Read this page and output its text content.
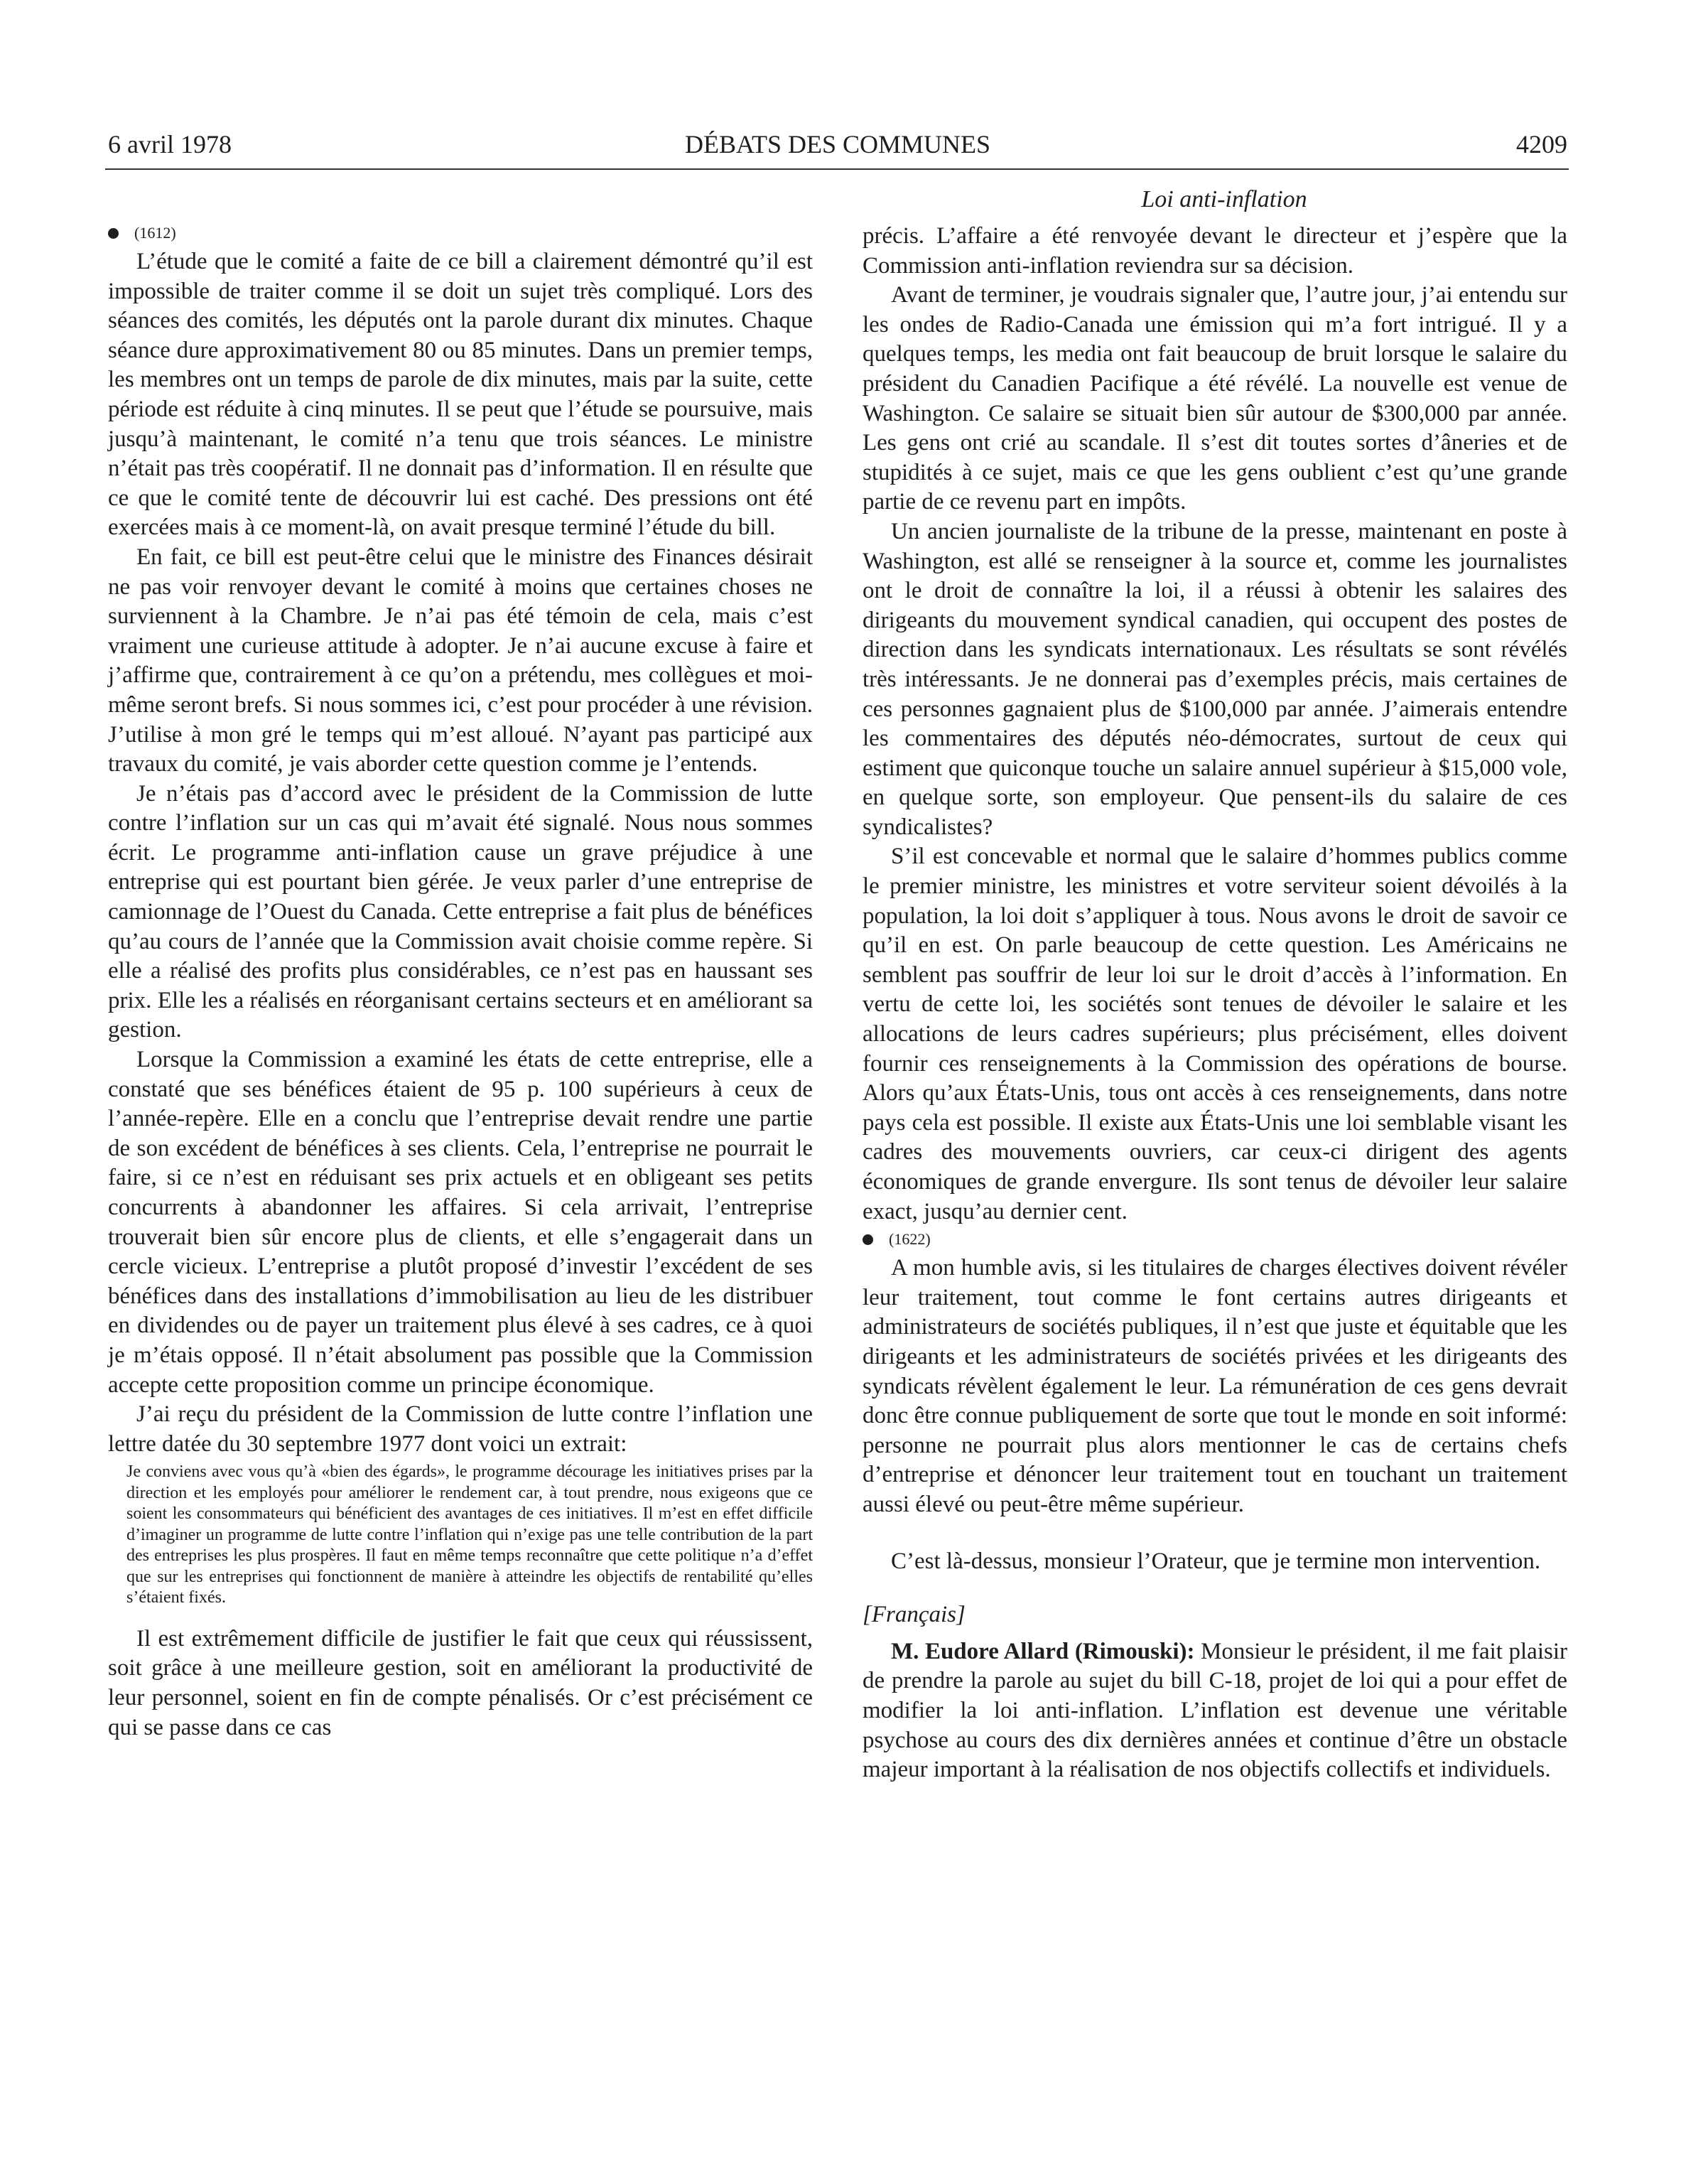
6 avril 1978	DÉBATS DES COMMUNES	4209
Loi anti-inflation
(1612)

L’étude que le comité a faite de ce bill a clairement démontré qu’il est impossible de traiter comme il se doit un sujet très compliqué. Lors des séances des comités, les députés ont la parole durant dix minutes. Chaque séance dure approximativement 80 ou 85 minutes. Dans un premier temps, les membres ont un temps de parole de dix minutes, mais par la suite, cette période est réduite à cinq minutes. Il se peut que l’étude se poursuive, mais jusqu’à maintenant, le comité n’a tenu que trois séances. Le ministre n’était pas très coopératif. Il ne donnait pas d’information. Il en résulte que ce que le comité tente de découvrir lui est caché. Des pressions ont été exercées mais à ce moment-là, on avait presque terminé l’étude du bill.

En fait, ce bill est peut-être celui que le ministre des Finances désirait ne pas voir renvoyer devant le comité à moins que certaines choses ne surviennent à la Chambre. Je n’ai pas été témoin de cela, mais c’est vraiment une curieuse attitude à adopter. Je n’ai aucune excuse à faire et j’affirme que, contrairement à ce qu’on a prétendu, mes collègues et moi-même seront brefs. Si nous sommes ici, c’est pour procéder à une révision. J’utilise à mon gré le temps qui m’est alloué. N’ayant pas participé aux travaux du comité, je vais aborder cette question comme je l’entends.

Je n’étais pas d’accord avec le président de la Commission de lutte contre l’inflation sur un cas qui m’avait été signalé. Nous nous sommes écrit. Le programme anti-inflation cause un grave préjudice à une entreprise qui est pourtant bien gérée. Je veux parler d’une entreprise de camionnage de l’Ouest du Canada. Cette entreprise a fait plus de bénéfices qu’au cours de l’année que la Commission avait choisie comme repère. Si elle a réalisé des profits plus considérables, ce n’est pas en haussant ses prix. Elle les a réalisés en réorganisant certains secteurs et en améliorant sa gestion.

Lorsque la Commission a examiné les états de cette entreprise, elle a constaté que ses bénéfices étaient de 95 p. 100 supérieurs à ceux de l’année-repère. Elle en a conclu que l’entreprise devait rendre une partie de son excédent de bénéfices à ses clients. Cela, l’entreprise ne pourrait le faire, si ce n’est en réduisant ses prix actuels et en obligeant ses petits concurrents à abandonner les affaires. Si cela arrivait, l’entreprise trouverait bien sûr encore plus de clients, et elle s’engagerait dans un cercle vicieux. L’entreprise a plutôt proposé d’investir l’excédent de ses bénéfices dans des installations d’immobilisation au lieu de les distribuer en dividendes ou de payer un traitement plus élevé à ses cadres, ce à quoi je m’étais opposé. Il n’était absolument pas possible que la Commission accepte cette proposition comme un principe économique.

J’ai reçu du président de la Commission de lutte contre l’inflation une lettre datée du 30 septembre 1977 dont voici un extrait:

Je conviens avec vous qu’à «bien des égards», le programme décourage les initiatives prises par la direction et les employés pour améliorer le rendement car, à tout prendre, nous exigeons que ce soient les consommateurs qui bénéficient des avantages de ces initiatives. Il m’est en effet difficile d’imaginer un programme de lutte contre l’inflation qui n’exige pas une telle contribution de la part des entreprises les plus prospères. Il faut en même temps reconnaître que cette politique n’a d’effet que sur les entreprises qui fonctionnent de manière à atteindre les objectifs de rentabilité qu’elles s’étaient fixés.

Il est extrêmement difficile de justifier le fait que ceux qui réussissent, soit grâce à une meilleure gestion, soit en améliorant la productivité de leur personnel, soient en fin de compte pénalisés. Or c’est précisément ce qui se passe dans ce cas

précis. L’affaire a été renvoyée devant le directeur et j’espère que la Commission anti-inflation reviendra sur sa décision.

Avant de terminer, je voudrais signaler que, l’autre jour, j’ai entendu sur les ondes de Radio-Canada une émission qui m’a fort intrigué. Il y a quelques temps, les media ont fait beaucoup de bruit lorsque le salaire du président du Canadien Pacifique a été révélé. La nouvelle est venue de Washington. Ce salaire se situait bien sûr autour de $300,000 par année. Les gens ont crié au scandale. Il s’est dit toutes sortes d’âneries et de stupidités à ce sujet, mais ce que les gens oublient c’est qu’une grande partie de ce revenu part en impôts.

Un ancien journaliste de la tribune de la presse, maintenant en poste à Washington, est allé se renseigner à la source et, comme les journalistes ont le droit de connaître la loi, il a réussi à obtenir les salaires des dirigeants du mouvement syndical canadien, qui occupent des postes de direction dans les syndicats internationaux. Les résultats se sont révélés très intéressants. Je ne donnerai pas d’exemples précis, mais certaines de ces personnes gagnaient plus de $100,000 par année. J’aimerais entendre les commentaires des députés néo-démocrates, surtout de ceux qui estiment que quiconque touche un salaire annuel supérieur à $15,000 vole, en quelque sorte, son employeur. Que pensent-ils du salaire de ces syndicalistes?

S’il est concevable et normal que le salaire d’hommes publics comme le premier ministre, les ministres et votre serviteur soient dévoilés à la population, la loi doit s’appliquer à tous. Nous avons le droit de savoir ce qu’il en est. On parle beaucoup de cette question. Les Américains ne semblent pas souffrir de leur loi sur le droit d’accès à l’information. En vertu de cette loi, les sociétés sont tenues de dévoiler le salaire et les allocations de leurs cadres supérieurs; plus précisément, elles doivent fournir ces renseignements à la Commission des opérations de bourse. Alors qu’aux États-Unis, tous ont accès à ces renseignements, dans notre pays cela est possible. Il existe aux États-Unis une loi semblable visant les cadres des mouvements ouvriers, car ceux-ci dirigent des agents économiques de grande envergure. Ils sont tenus de dévoiler leur salaire exact, jusqu’au dernier cent.

(1622)

A mon humble avis, si les titulaires de charges électives doivent révéler leur traitement, tout comme le font certains autres dirigeants et administrateurs de sociétés publiques, il n’est que juste et équitable que les dirigeants et les administrateurs de sociétés privées et les dirigeants des syndicats révèlent également le leur. La rémunération de ces gens devrait donc être connue publiquement de sorte que tout le monde en soit informé: personne ne pourrait plus alors mentionner le cas de certains chefs d’entreprise et dénoncer leur traitement tout en touchant un traitement aussi élevé ou peut-être même supérieur.

C’est là-dessus, monsieur l’Orateur, que je termine mon intervention.

[Français]

M. Eudore Allard (Rimouski): Monsieur le président, il me fait plaisir de prendre la parole au sujet du bill C-18, projet de loi qui a pour effet de modifier la loi anti-inflation. L’inflation est devenue une véritable psychose au cours des dix dernières années et continue d’être un obstacle majeur important à la réalisation de nos objectifs collectifs et individuels.
